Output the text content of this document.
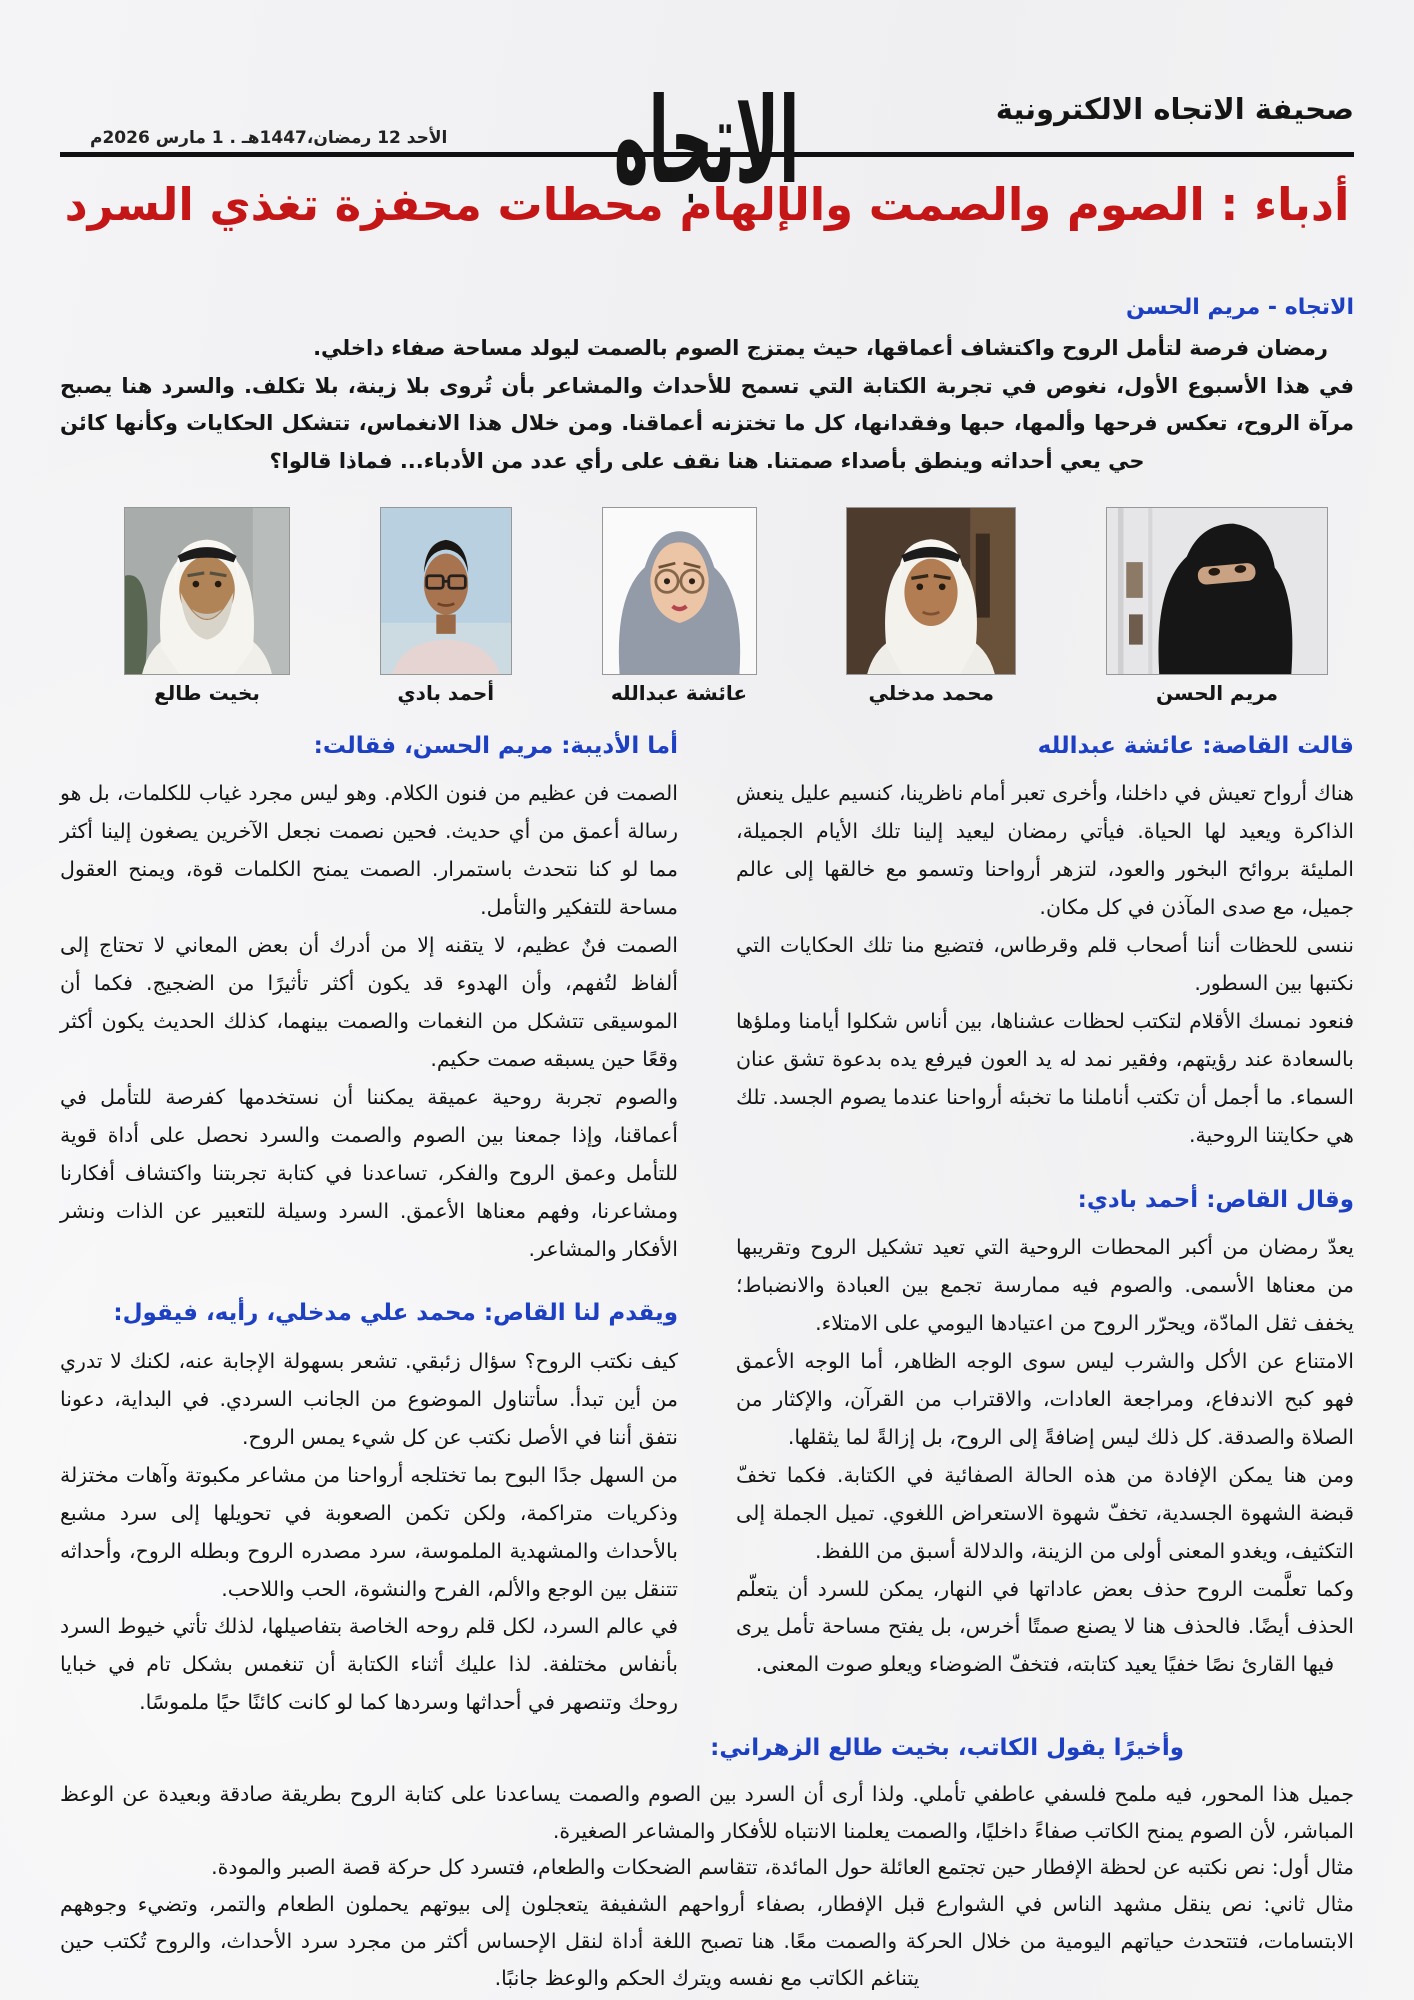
صحيفة الاتجاه الالكترونية
الاتجاه
الأحد 12 رمضان،1447هـ . 1 مارس 2026م
أدباء : الصوم والصمت والإلهام محطات محفزة تغذي السرد
الاتجاه - مريم الحسن

رمضان فرصة لتأمل الروح واكتشاف أعماقها، حيث يمتزج الصوم بالصمت ليولد مساحة صفاء داخلي.

في هذا الأسبوع الأول، نغوص في تجربة الكتابة التي تسمح للأحداث والمشاعر بأن تُروى بلا زينة، بلا تكلف. والسرد هنا يصبح مرآة الروح، تعكس فرحها وألمها، حبها وفقدانها، كل ما تختزنه أعماقنا. ومن خلال هذا الانغماس، تتشكل الحكايات وكأنها كائن حي يعي أحداثه وينطق بأصداء صمتنا. هنا نقف على رأي عدد من الأدباء... فماذا قالوا؟

مريم الحسن
محمد مدخلي
عائشة عبدالله
أحمد بادي
بخيت طالع
قالت القاصة: عائشة عبدالله

هناك أرواح تعيش في داخلنا، وأخرى تعبر أمام ناظرينا، كنسيم عليل ينعش الذاكرة ويعيد لها الحياة. فيأتي رمضان ليعيد إلينا تلك الأيام الجميلة، المليئة بروائح البخور والعود، لتزهر أرواحنا وتسمو مع خالقها إلى عالم جميل، مع صدى المآذن في كل مكان.

ننسى للحظات أننا أصحاب قلم وقرطاس، فتضيع منا تلك الحكايات التي نكتبها بين السطور.

فنعود نمسك الأقلام لتكتب لحظات عشناها، بين أناس شكلوا أيامنا وملؤها بالسعادة عند رؤيتهم، وفقير نمد له يد العون فيرفع يده بدعوة تشق عنان السماء. ما أجمل أن تكتب أناملنا ما تخبئه أرواحنا عندما يصوم الجسد. تلك هي حكايتنا الروحية.

وقال القاص: أحمد بادي:

يعدّ رمضان من أكبر المحطات الروحية التي تعيد تشكيل الروح وتقريبها من معناها الأسمى. والصوم فيه ممارسة تجمع بين العبادة والانضباط؛ يخفف ثقل المادّة، ويحرّر الروح من اعتيادها اليومي على الامتلاء.

الامتناع عن الأكل والشرب ليس سوى الوجه الظاهر، أما الوجه الأعمق فهو كبح الاندفاع، ومراجعة العادات، والاقتراب من القرآن، والإكثار من الصلاة والصدقة. كل ذلك ليس إضافةً إلى الروح، بل إزالةً لما يثقلها.

ومن هنا يمكن الإفادة من هذه الحالة الصفائية في الكتابة. فكما تخفّ قبضة الشهوة الجسدية، تخفّ شهوة الاستعراض اللغوي. تميل الجملة إلى التكثيف، ويغدو المعنى أولى من الزينة، والدلالة أسبق من اللفظ.

وكما تعلَّمت الروح حذف بعض عاداتها في النهار، يمكن للسرد أن يتعلّم الحذف أيضًا. فالحذف هنا لا يصنع صمتًا أخرس، بل يفتح مساحة تأمل يرى فيها القارئ نصًا خفيًا يعيد كتابته، فتخفّ الضوضاء ويعلو صوت المعنى.

أما الأديبة: مريم الحسن، فقالت:

الصمت فن عظيم من فنون الكلام. وهو ليس مجرد غياب للكلمات، بل هو رسالة أعمق من أي حديث. فحين نصمت نجعل الآخرين يصغون إلينا أكثر مما لو كنا نتحدث باستمرار. الصمت يمنح الكلمات قوة، ويمنح العقول مساحة للتفكير والتأمل.

الصمت فنٌ عظيم، لا يتقنه إلا من أدرك أن بعض المعاني لا تحتاج إلى ألفاظ لتُفهم، وأن الهدوء قد يكون أكثر تأثيرًا من الضجيج. فكما أن الموسيقى تتشكل من النغمات والصمت بينهما، كذلك الحديث يكون أكثر وقعًا حين يسبقه صمت حكيم.

والصوم تجربة روحية عميقة يمكننا أن نستخدمها كفرصة للتأمل في أعماقنا، وإذا جمعنا بين الصوم والصمت والسرد نحصل على أداة قوية للتأمل وعمق الروح والفكر، تساعدنا في كتابة تجربتنا واكتشاف أفكارنا ومشاعرنا، وفهم معناها الأعمق. السرد وسيلة للتعبير عن الذات ونشر الأفكار والمشاعر.

ويقدم لنا القاص: محمد علي مدخلي، رأيه، فيقول:

كيف نكتب الروح؟ سؤال زئبقي. تشعر بسهولة الإجابة عنه، لكنك لا تدري من أين تبدأ. سأتناول الموضوع من الجانب السردي. في البداية، دعونا نتفق أننا في الأصل نكتب عن كل شيء يمس الروح.

من السهل جدًا البوح بما تختلجه أرواحنا من مشاعر مكبوتة وآهات مختزلة وذكريات متراكمة، ولكن تكمن الصعوبة في تحويلها إلى سرد مشبع بالأحداث والمشهدية الملموسة، سرد مصدره الروح وبطله الروح، وأحداثه تتنقل بين الوجع والألم، الفرح والنشوة، الحب واللاحب.

في عالم السرد، لكل قلم روحه الخاصة بتفاصيلها، لذلك تأتي خيوط السرد بأنفاس مختلفة. لذا عليك أثناء الكتابة أن تنغمس بشكل تام في خبايا روحك وتنصهر في أحداثها وسردها كما لو كانت كائنًا حيًا ملموسًا.

وأخيرًا يقول الكاتب، بخيت طالع الزهراني:

جميل هذا المحور، فيه ملمح فلسفي عاطفي تأملي. ولذا أرى أن السرد بين الصوم والصمت يساعدنا على كتابة الروح بطريقة صادقة وبعيدة عن الوعظ المباشر، لأن الصوم يمنح الكاتب صفاءً داخليًا، والصمت يعلمنا الانتباه للأفكار والمشاعر الصغيرة.

مثال أول: نص نكتبه عن لحظة الإفطار حين تجتمع العائلة حول المائدة، تتقاسم الضحكات والطعام، فتسرد كل حركة قصة الصبر والمودة.

مثال ثاني: نص ينقل مشهد الناس في الشوارع قبل الإفطار، بصفاء أرواحهم الشفيفة يتعجلون إلى بيوتهم يحملون الطعام والتمر، وتضيء وجوههم الابتسامات، فتتحدث حياتهم اليومية من خلال الحركة والصمت معًا. هنا تصبح اللغة أداة لنقل الإحساس أكثر من مجرد سرد الأحداث، والروح تُكتب حين يتناغم الكاتب مع نفسه ويترك الحكم والوعظ جانبًا.
